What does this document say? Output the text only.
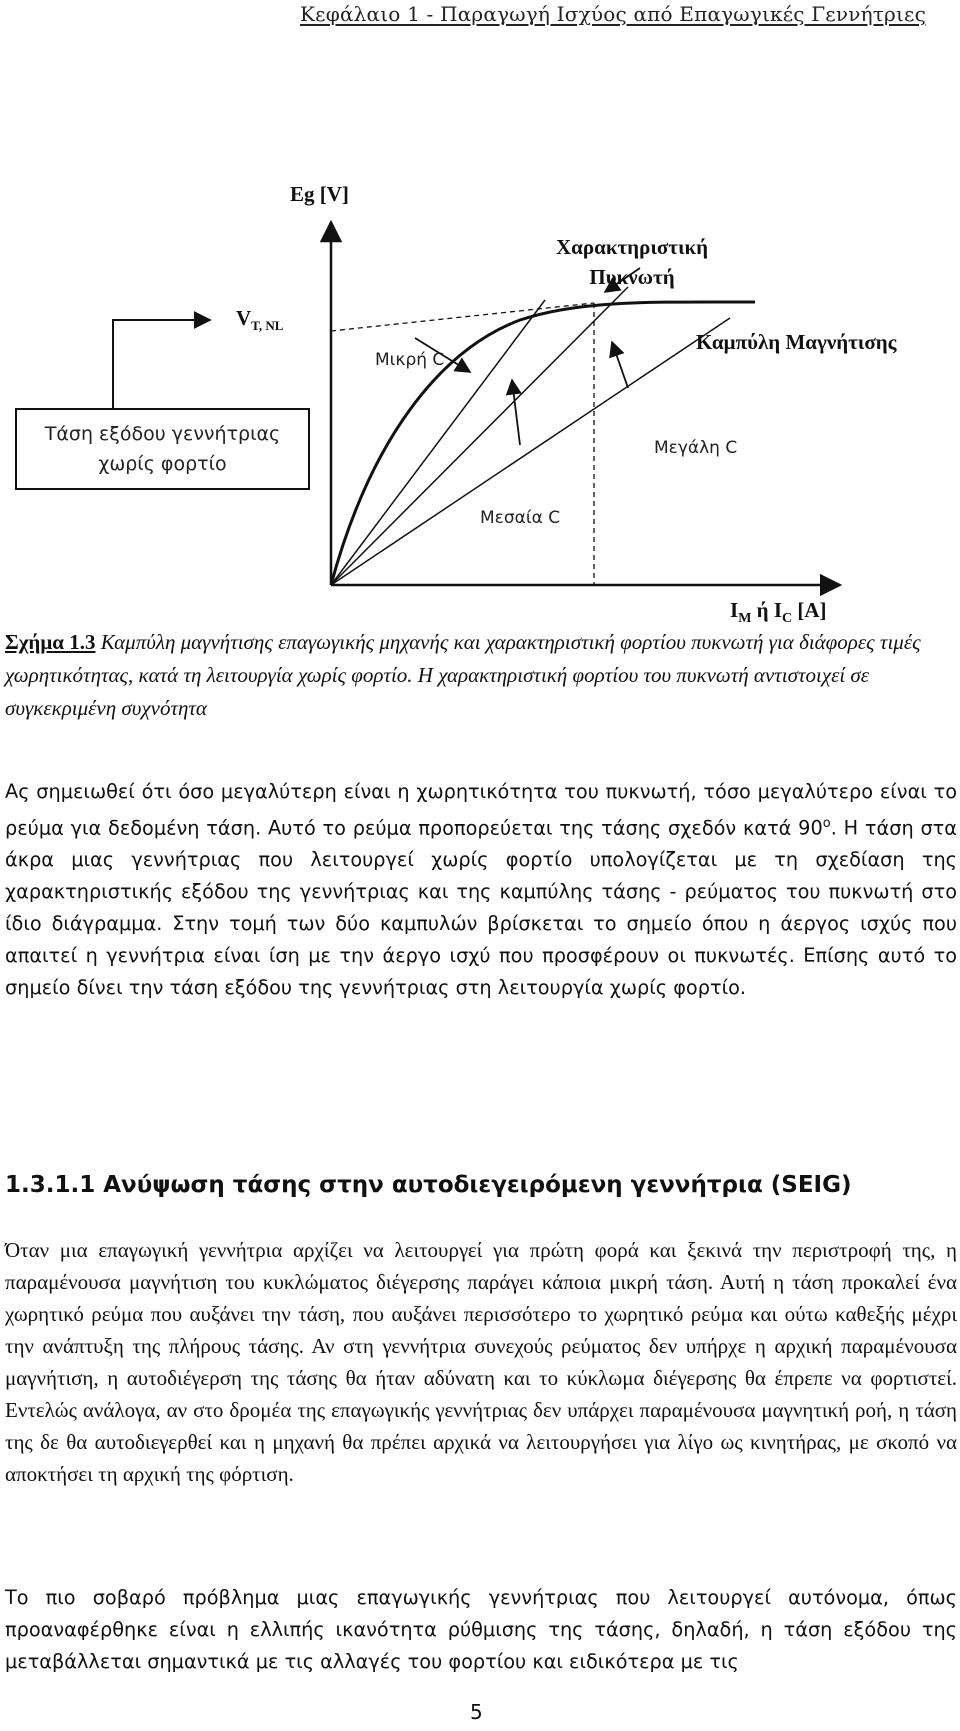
Κεφάλαιο 1 - Παραγωγή Ισχύος από Επαγωγικές Γεννήτριες
Eg [V]
Χαρακτηριστική
Πυκνωτή
$V_{T, NL}$
Καμπύλη Μαγνήτισης
Μικρή C
Μεγάλη C
Μεσαία C
$I_M$ ή $I_C$ [A]
Τάση εξόδου γεννήτριας
χωρίς φορτίο
Σχήμα 1.3 Καμπύλη μαγνήτισης επαγωγικής μηχανής και χαρακτηριστική φορτίου πυκνωτή για διάφορες τιμές χωρητικότητας, κατά τη λειτουργία χωρίς φορτίο. Η χαρακτηριστική φορτίου του πυκνωτή αντιστοιχεί σε συγκεκριμένη συχνότητα
Ας σημειωθεί ότι όσο μεγαλύτερη είναι η χωρητικότητα του πυκνωτή, τόσο μεγαλύτερο είναι το ρεύμα για δεδομένη τάση. Αυτό το ρεύμα προπορεύεται της τάσης σχεδόν κατά $90^o$. Η τάση στα άκρα μιας γεννήτριας που λειτουργεί χωρίς φορτίο υπολογίζεται με τη σχεδίαση της χαρακτηριστικής εξόδου της γεννήτριας και της καμπύλης τάσης - ρεύματος του πυκνωτή στο ίδιο διάγραμμα. Στην τομή των δύο καμπυλών βρίσκεται το σημείο όπου η άεργος ισχύς που απαιτεί η γεννήτρια είναι ίση με την άεργο ισχύ που προσφέρουν οι πυκνωτές. Επίσης αυτό το σημείο δίνει την τάση εξόδου της γεννήτριας στη λειτουργία χωρίς φορτίο.
1.3.1.1 Ανύψωση τάσης στην αυτοδιεγειρόμενη γεννήτρια (SEIG)
Όταν μια επαγωγική γεννήτρια αρχίζει να λειτουργεί για πρώτη φορά και ξεκινά την περιστροφή της, η παραμένουσα μαγνήτιση του κυκλώματος διέγερσης παράγει κάποια μικρή τάση. Αυτή η τάση προκαλεί ένα χωρητικό ρεύμα που αυξάνει την τάση, που αυξάνει περισσότερο το χωρητικό ρεύμα και ούτω καθεξής μέχρι την ανάπτυξη της πλήρους τάσης. Αν στη γεννήτρια συνεχούς ρεύματος δεν υπήρχε η αρχική παραμένουσα μαγνήτιση, η αυτοδιέγερση της τάσης θα ήταν αδύνατη και το κύκλωμα διέγερσης θα έπρεπε να φορτιστεί. Εντελώς ανάλογα, αν στο δρομέα της επαγωγικής γεννήτριας δεν υπάρχει παραμένουσα μαγνητική ροή, η τάση της δε θα αυτοδιεγερθεί και η μηχανή θα πρέπει αρχικά να λειτουργήσει για λίγο ως κινητήρας, με σκοπό να αποκτήσει τη αρχική της φόρτιση.
Το πιο σοβαρό πρόβλημα μιας επαγωγικής γεννήτριας που λειτουργεί αυτόνομα, όπως προαναφέρθηκε είναι η ελλιπής ικανότητα ρύθμισης της τάσης, δηλαδή, η τάση εξόδου της μεταβάλλεται σημαντικά με τις αλλαγές του φορτίου και ειδικότερα με τις
5
